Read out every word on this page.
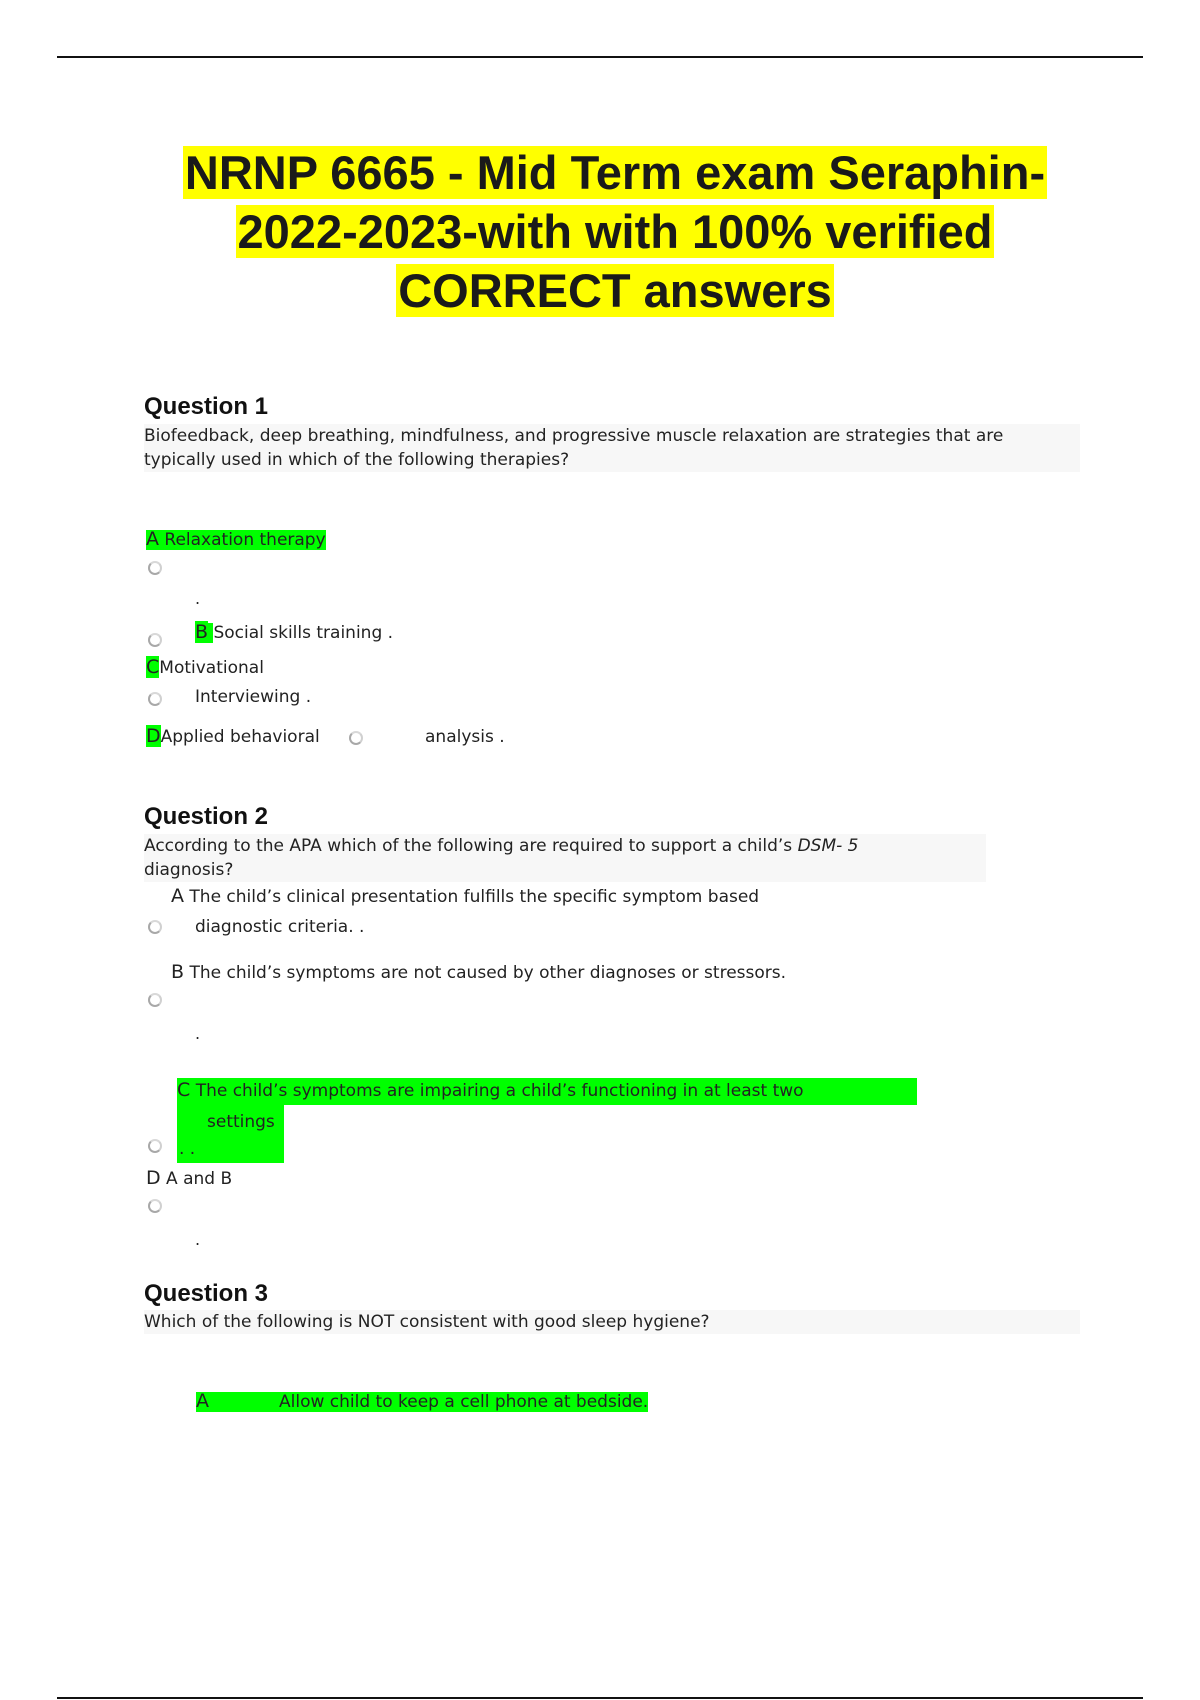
NRNP 6665 - Mid Term exam Seraphin-
2022-2023-with with 100% verified
CORRECT answers
Question 1
Biofeedback, deep breathing, mindfulness, and progressive muscle relaxation are strategies that are
typically used in which of the following therapies?
A Relaxation therapy
.
B Social skills training .
CMotivational
Interviewing .
DApplied behavioral	analysis .
Question 2
According to the APA which of the following are required to support a child’s DSM- 5
diagnosis?
A The child’s clinical presentation fulfills the specific symptom based
diagnostic criteria. .
B The child’s symptoms are not caused by other diagnoses or stressors.
.
C The child’s symptoms are impairing a child’s functioning in at least two
settings
. .
D A and B
.
Question 3
Which of the following is NOT consistent with good sleep hygiene?
A	Allow child to keep a cell phone at bedside.
